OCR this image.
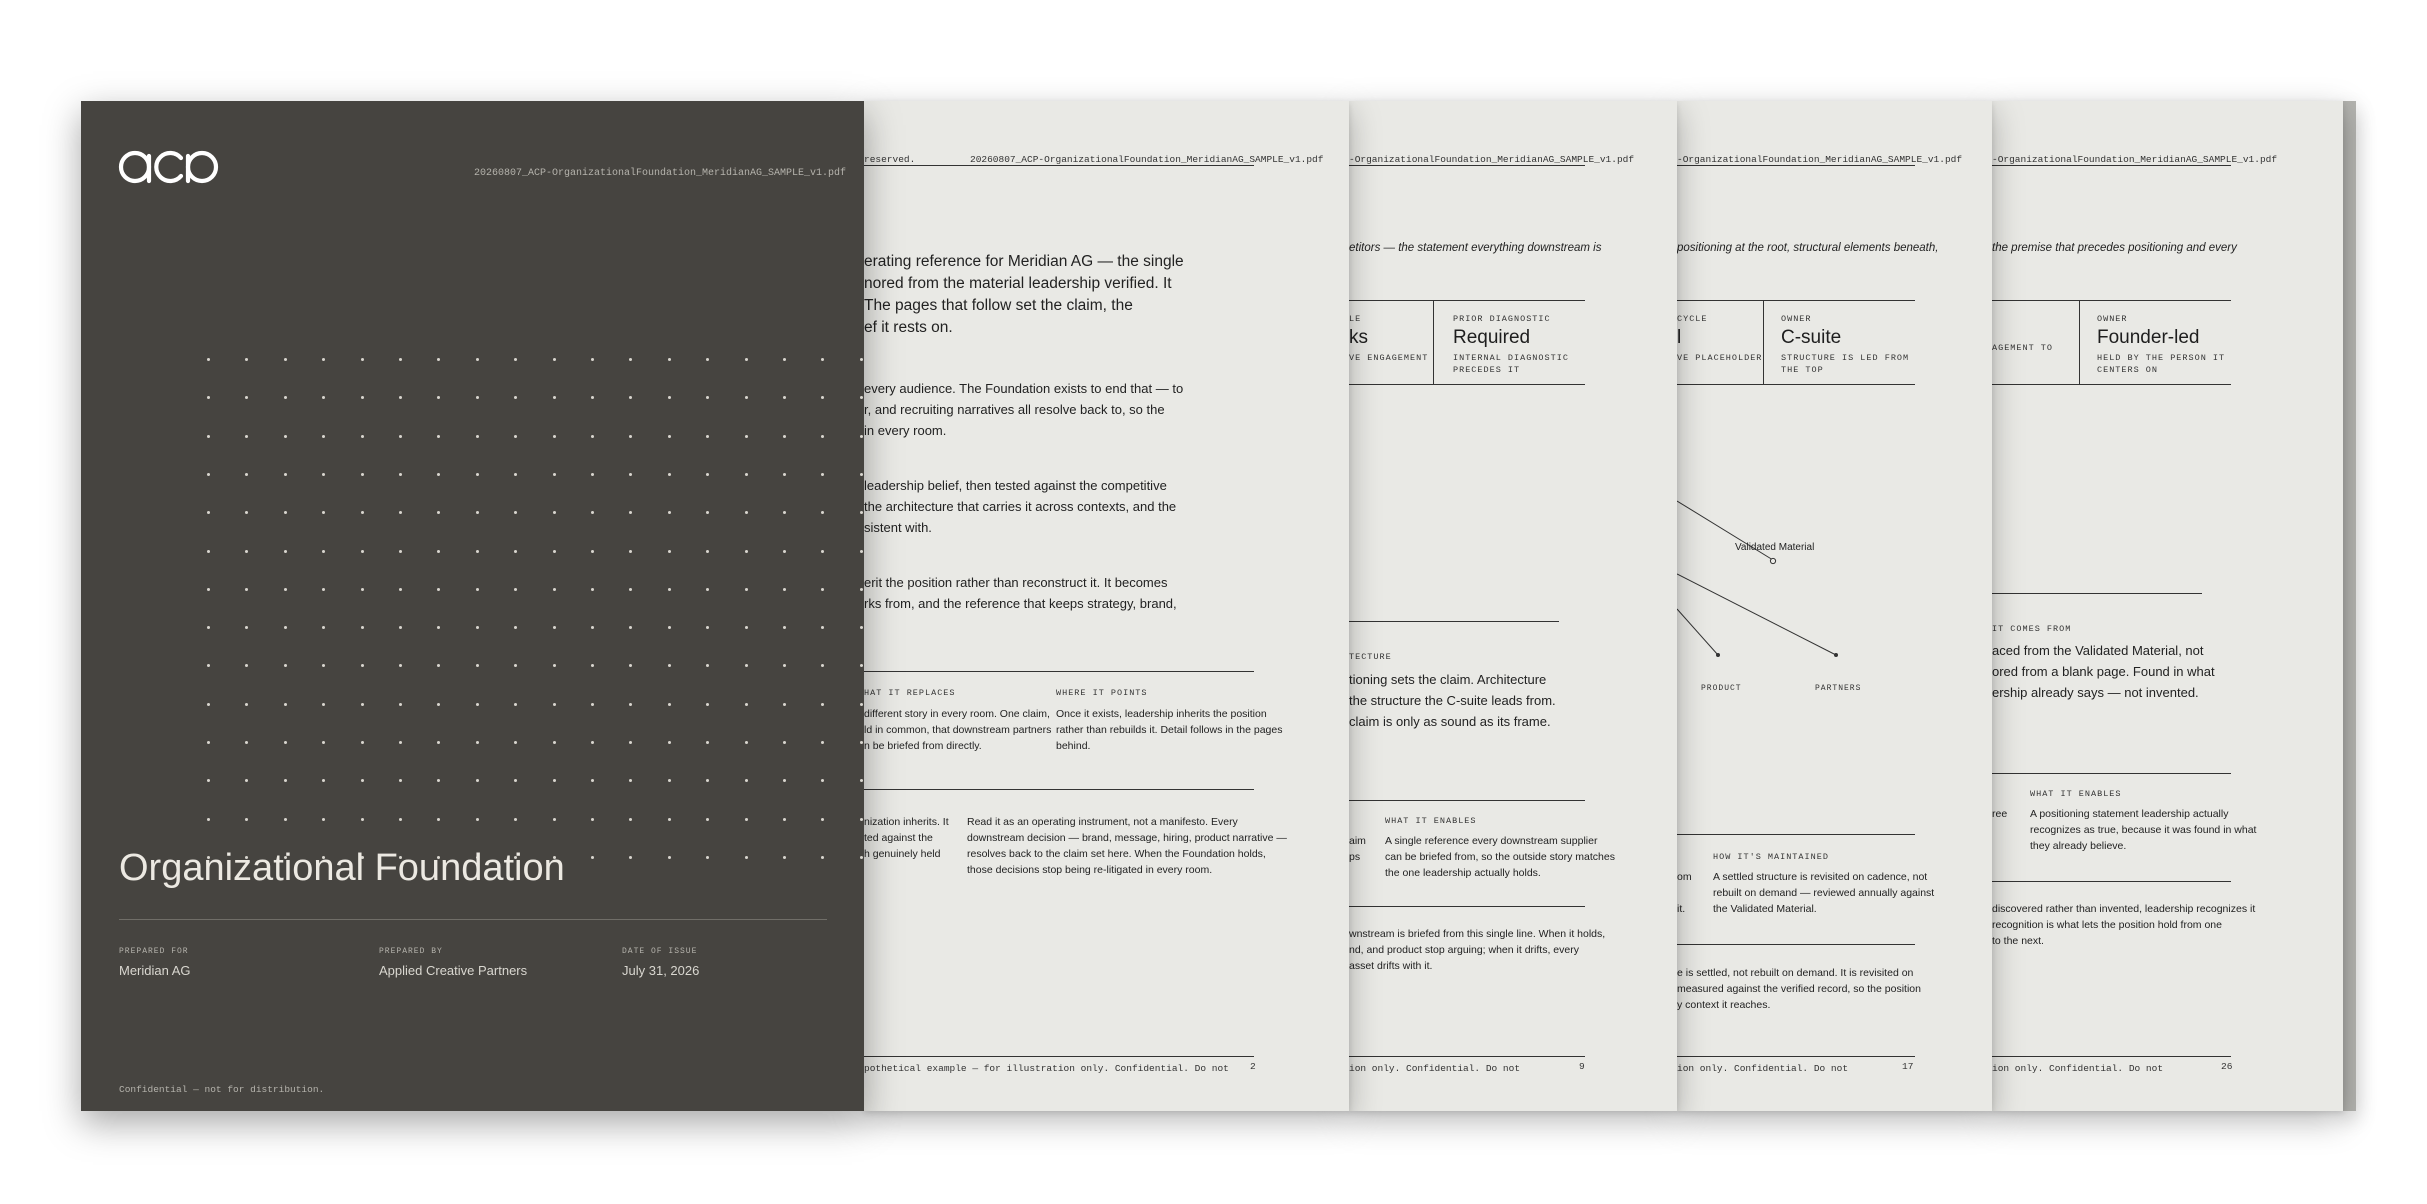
-OrganizationalFoundation_MeridianAG_SAMPLE_v1.pdf
the premise that precedes positioning and every
AGEMENT TO
OWNER
Founder-led
HELD BY THE PERSON IT
CENTERS ON
IT COMES FROM
aced from the Validated Material, not
ored from a blank page. Found in what
ership already says — not invented.
WHAT IT ENABLES
ree A positioning statement leadership actually
recognizes as true, because it was found in what
they already believe.
discovered rather than invented, leadership recognizes it
recognition is what lets the position hold from one
to the next.
ion only. Confidential. Do not	26
-OrganizationalFoundation_MeridianAG_SAMPLE_v1.pdf
positioning at the root, structural elements beneath,
CYCLE
l
VE PLACEHOLDER
OWNER
C-suite
STRUCTURE IS LED FROM
THE TOP
Validated Material
PRODUCT	PARTNERS
HOW IT'S MAINTAINED
om
it.
A settled structure is revisited on cadence, not
rebuilt on demand — reviewed annually against
the Validated Material.
e is settled, not rebuilt on demand. It is revisited on
measured against the verified record, so the position
y context it reaches.
ion only. Confidential. Do not	17
-OrganizationalFoundation_MeridianAG_SAMPLE_v1.pdf
etitors — the statement everything downstream is
LE
ks
VE ENGAGEMENT
PRIOR DIAGNOSTIC
Required
INTERNAL DIAGNOSTIC
PRECEDES IT
TECTURE
tioning sets the claim. Architecture
the structure the C-suite leads from.
claim is only as sound as its frame.
WHAT IT ENABLES
aim
ps
A single reference every downstream supplier
can be briefed from, so the outside story matches
the one leadership actually holds.
wnstream is briefed from this single line. When it holds,
nd, and product stop arguing; when it drifts, every
asset drifts with it.
ion only. Confidential. Do not	9
reserved.	20260807_ACP-OrganizationalFoundation_MeridianAG_SAMPLE_v1.pdf
erating reference for Meridian AG — the single
nored from the material leadership verified. It
The pages that follow set the claim, the
ef it rests on.
every audience. The Foundation exists to end that — to
r, and recruiting narratives all resolve back to, so the
in every room.
leadership belief, then tested against the competitive
the architecture that carries it across contexts, and the
sistent with.
erit the position rather than reconstruct it. It becomes
rks from, and the reference that keeps strategy, brand,
HAT IT REPLACES
different story in every room. One claim,
ld in common, that downstream partners
n be briefed from directly.
WHERE IT POINTS
Once it exists, leadership inherits the position
rather than rebuilds it. Detail follows in the pages
behind.
nization inherits. It
ted against the
h genuinely held
Read it as an operating instrument, not a manifesto. Every
downstream decision — brand, message, hiring, product narrative —
resolves back to the claim set here. When the Foundation holds,
those decisions stop being re-litigated in every room.
pothetical example — for illustration only. Confidential. Do not 2
20260807_ACP-OrganizationalFoundation_MeridianAG_SAMPLE_v1.pdf
Organizational Foundation
PREPARED FOR
Meridian AG
PREPARED BY
Applied Creative Partners
DATE OF ISSUE
July 31, 2026
Confidential — not for distribution.
